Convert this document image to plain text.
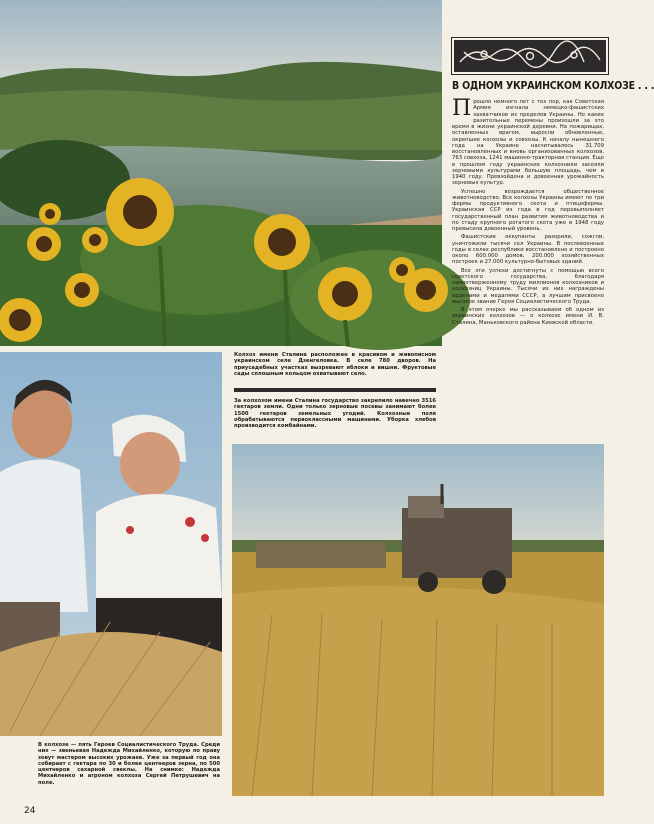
В ОДНОМ УКРАИНСКОМ КОЛХОЗЕ . . .

Прошло немного лет с тех пор, как Советская Армия изгнала немецко-фашистских захватчиков из пределов Украины. Но какие разительные перемены произошли за это время в жизни украинской деревни. На пожарищах, оставленных врагом, выросли обновленные, окрепшие колхозы и совхозы. К началу нынешнего года на Украине насчитывалось 31.709 восстановленных и вновь организованных колхозов, 763 совхоза, 1241 машинно-тракторная станция. Еще в прошлом году украинские колхозники засеяли зерновыми культурами большую площадь, чем в 1940 году. Превзойдена и довоенная урожайность зерновых культур.

Успешно возрождается общественное животноводство. Все колхозы Украины имеют по три фермы продуктивного скота и птицефермы. Украинская ССР из года в год перевыполняет государственный план развития животноводства и по стаду крупного рогатого скота уже в 1948 году превысила довоенный уровень.

Фашистские оккупанты разорили, сожгли, уничтожили тысячи сел Украины. В послевоенные годы в селах республики восстановлено и построено около 600.000 домов, 200.000 хозяйственных построек и 27.000 культурно-бытовых зданий.

Все эти успехи достигнуты с помощью всего советского государства, благодаря самоотверженному труду миллионов колхозников и колхозниц Украины. Тысячи из них награждены орденами и медалями СССР, а лучшим присвоено высокое звание Героя Социалистического Труда.

В этом очерке мы рассказываем об одном из украинских колхозов — о колхозе имени И. В. Сталина, Маньковского района Киевской области.

Колхоз имени Сталина расположен в красивом и живописном украинском селе Дзенгеловка. В селе 780 дворов. На приусадебных участках вызревают яблоки и вишни. Фруктовые сады сплошным кольцом охватывают село.
За колхозом имени Сталина государство закрепило навечно 3516 гектаров земли. Одни только зерновые посевы занимают более 1500 гектаров земельных угодий. Колхозные поля обрабатываются первоклассными машинами. Уборка хлебов производится комбайнами.
В колхозе — пять Героев Социалистического Труда. Среди них — звеньевая Надежда Михайленко, которую по праву зовут мастером высоких урожаев. Уже за первый год она собирает с гектара по 30 и более центнеров зерна, по 500 центнеров сахарной свеклы. На снимке: Надежда Михайленко и агроном колхоза Сергей Петрушевич на поле.
24
